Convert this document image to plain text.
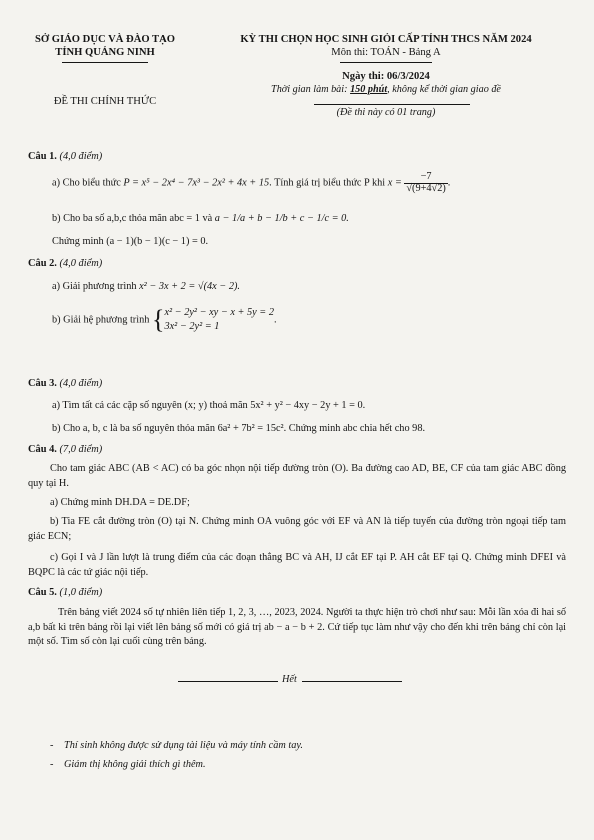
SỞ GIÁO DỤC VÀ ĐÀO TẠO
TỈNH QUẢNG NINH
ĐỀ THI CHÍNH THỨC
KỲ THI CHỌN HỌC SINH GIỎI CẤP TỈNH THCS NĂM 2024
Môn thi: TOÁN - Bảng A
Ngày thi: 06/3/2024
Thời gian làm bài: 150 phút, không kể thời gian giao đề
(Đề thi này có 01 trang)
Câu 1. (4,0 điểm)
a) Cho biểu thức P = x⁵ − 2x⁴ − 7x³ − 2x² + 4x + 15. Tính giá trị biểu thức P khi $x = \frac{-7}{√(9+4√2)}$ .
b) Cho ba số a,b,c thỏa mãn abc = 1 và a − 1/a + b − 1/b + c − 1/c = 0.
Chứng minh (a − 1)(b − 1)(c − 1) = 0.
Câu 2. (4,0 điểm)
a) Giải phương trình x² − 3x + 2 = √(4x − 2).
b) Giải hệ phương trình { x² − 2y² − xy − x + 5y = 2
3x² − 2y² = 1
.
Câu 3. (4,0 điểm)
a) Tìm tất cả các cặp số nguyên (x; y) thoả mãn 5x² + y² − 4xy − 2y + 1 = 0.
b) Cho a, b, c là ba số nguyên thỏa mãn 6a² + 7b² = 15c². Chứng minh abc chia hết cho 98.
Câu 4. (7,0 điểm)
Cho tam giác ABC (AB < AC) có ba góc nhọn nội tiếp đường tròn (O). Ba đường cao AD, BE, CF của tam giác ABC đồng quy tại H.
a) Chứng minh DH.DA = DE.DF;
b) Tia FE cắt đường tròn (O) tại N. Chứng minh OA vuông góc với EF và AN là tiếp tuyến của đường tròn ngoại tiếp tam giác ECN;
c) Gọi I và J lần lượt là trung điểm của các đoạn thẳng BC và AH, IJ cắt EF tại P. AH cắt EF tại Q. Chứng minh DFEI và BQPC là các tứ giác nội tiếp.
Câu 5. (1,0 điểm)
Trên bảng viết 2024 số tự nhiên liên tiếp 1, 2, 3, …, 2023, 2024. Người ta thực hiện trò chơi như sau: Mỗi lần xóa đi hai số a,b bất kì trên bảng rồi lại viết lên bảng số mới có giá trị ab − a − b + 2. Cứ tiếp tục làm như vậy cho đến khi trên bảng chỉ còn lại một số. Tìm số còn lại cuối cùng trên bảng.
Hết
- Thí sinh không được sử dụng tài liệu và máy tính cầm tay.
- Giám thị không giải thích gì thêm.
